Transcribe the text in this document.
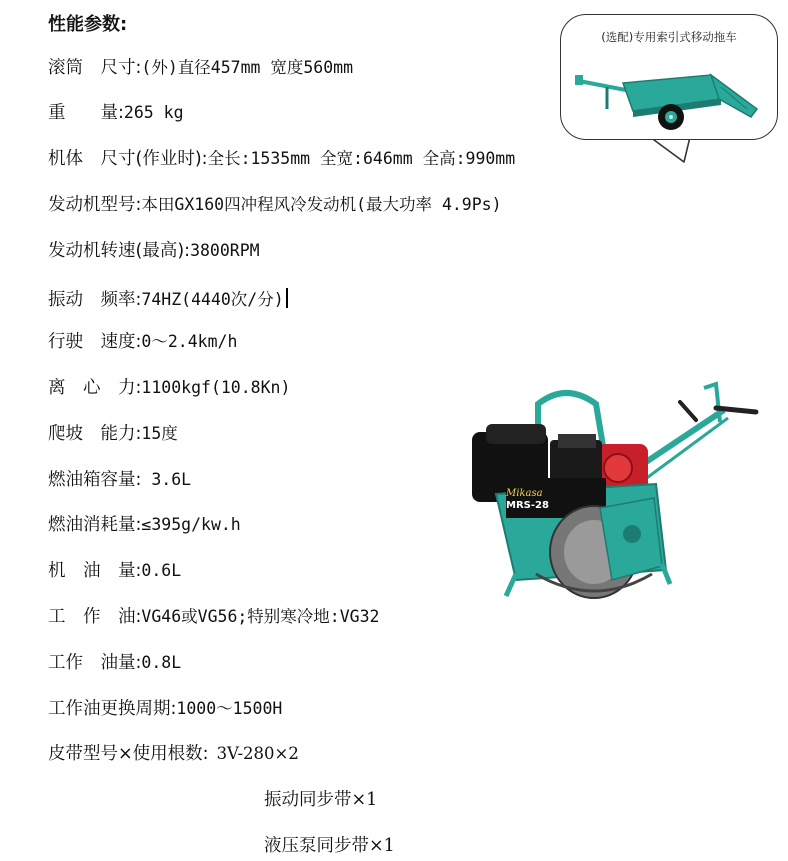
性能参数:
滚筒　尺寸:(外)直径457mm 宽度560mm
重　　量:265 kg
机体　尺寸(作业时):全长:1535mm 全宽:646mm 全高:990mm
发动机型号:本田GX160四冲程风冷发动机(最大功率 4.9Ps)
发动机转速(最高):3800RPM
振动　频率:74HZ(4440次/分)
行驶　速度:0〜2.4km/h
离　心　力:1100kgf(10.8Kn)
爬坡　能力:15度
燃油箱容量: 3.6L
燃油消耗量:≤395g/kw.h
机　油　量:0.6L
工　作　油:VG46或VG56;特别寒冷地:VG32
工作　油量:0.8L
工作油更换周期:1000〜1500H
皮带型号×使用根数: 3V-280×2
振动同步带×1
液压泵同步带×1
(选配)专用索引式移动拖车
Mikasa
MRS-28
